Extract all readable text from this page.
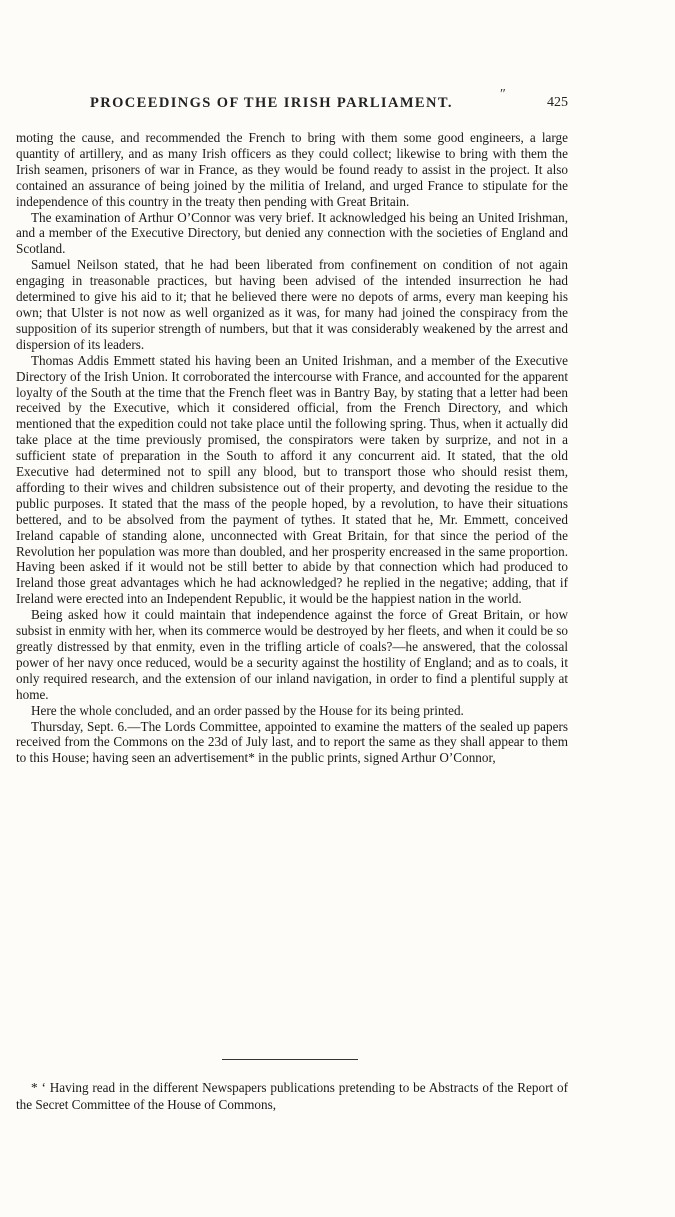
PROCEEDINGS OF THE IRISH PARLIAMENT.
″
425

moting the cause, and recommended the French to bring with them some good engineers, a large quantity of artillery, and as many Irish officers as they could collect; likewise to bring with them the Irish seamen, prisoners of war in France, as they would be found ready to assist in the project. It also contained an assurance of being joined by the militia of Ireland, and urged France to stipulate for the independence of this country in the treaty then pending with Great Britain.

The examination of Arthur O’Connor was very brief. It acknowledged his being an United Irishman, and a member of the Executive Directory, but denied any connection with the societies of England and Scotland.

Samuel Neilson stated, that he had been liberated from confinement on condition of not again engaging in treasonable practices, but having been advised of the intended insurrection he had determined to give his aid to it; that he believed there were no depots of arms, every man keeping his own; that Ulster is not now as well organized as it was, for many had joined the conspiracy from the supposition of its superior strength of numbers, but that it was considerably weakened by the arrest and dispersion of its leaders.

Thomas Addis Emmett stated his having been an United Irishman, and a member of the Executive Directory of the Irish Union. It corroborated the intercourse with France, and accounted for the apparent loyalty of the South at the time that the French fleet was in Bantry Bay, by stating that a letter had been received by the Executive, which it considered official, from the French Directory, and which mentioned that the expedition could not take place until the following spring. Thus, when it actually did take place at the time previously promised, the conspirators were taken by surprize, and not in a sufficient state of preparation in the South to afford it any concurrent aid. It stated, that the old Executive had determined not to spill any blood, but to transport those who should resist them, affording to their wives and children subsistence out of their property, and devoting the residue to the public purposes. It stated that the mass of the people hoped, by a revolution, to have their situations bettered, and to be absolved from the payment of tythes. It stated that he, Mr. Emmett, conceived Ireland capable of standing alone, unconnected with Great Britain, for that since the period of the Revolution her population was more than doubled, and her prosperity encreased in the same proportion. Having been asked if it would not be still better to abide by that connection which had produced to Ireland those great advantages which he had acknowledged? he replied in the negative; adding, that if Ireland were erected into an Independent Republic, it would be the happiest nation in the world.

Being asked how it could maintain that independence against the force of Great Britain, or how subsist in enmity with her, when its commerce would be destroyed by her fleets, and when it could be so greatly distressed by that enmity, even in the trifling article of coals?—he answered, that the colossal power of her navy once reduced, would be a security against the hostility of England; and as to coals, it only required research, and the extension of our inland navigation, in order to find a plentiful supply at home.

Here the whole concluded, and an order passed by the House for its being printed.

Thursday, Sept. 6.—The Lords Committee, appointed to examine the matters of the sealed up papers received from the Commons on the 23d of July last, and to report the same as they shall appear to them to this House; having seen an advertisement* in the public prints, signed Arthur O’Connor,

* ‘ Having read in the different Newspapers publications pretending to be Abstracts of the Report of the Secret Committee of the House of Commons,
